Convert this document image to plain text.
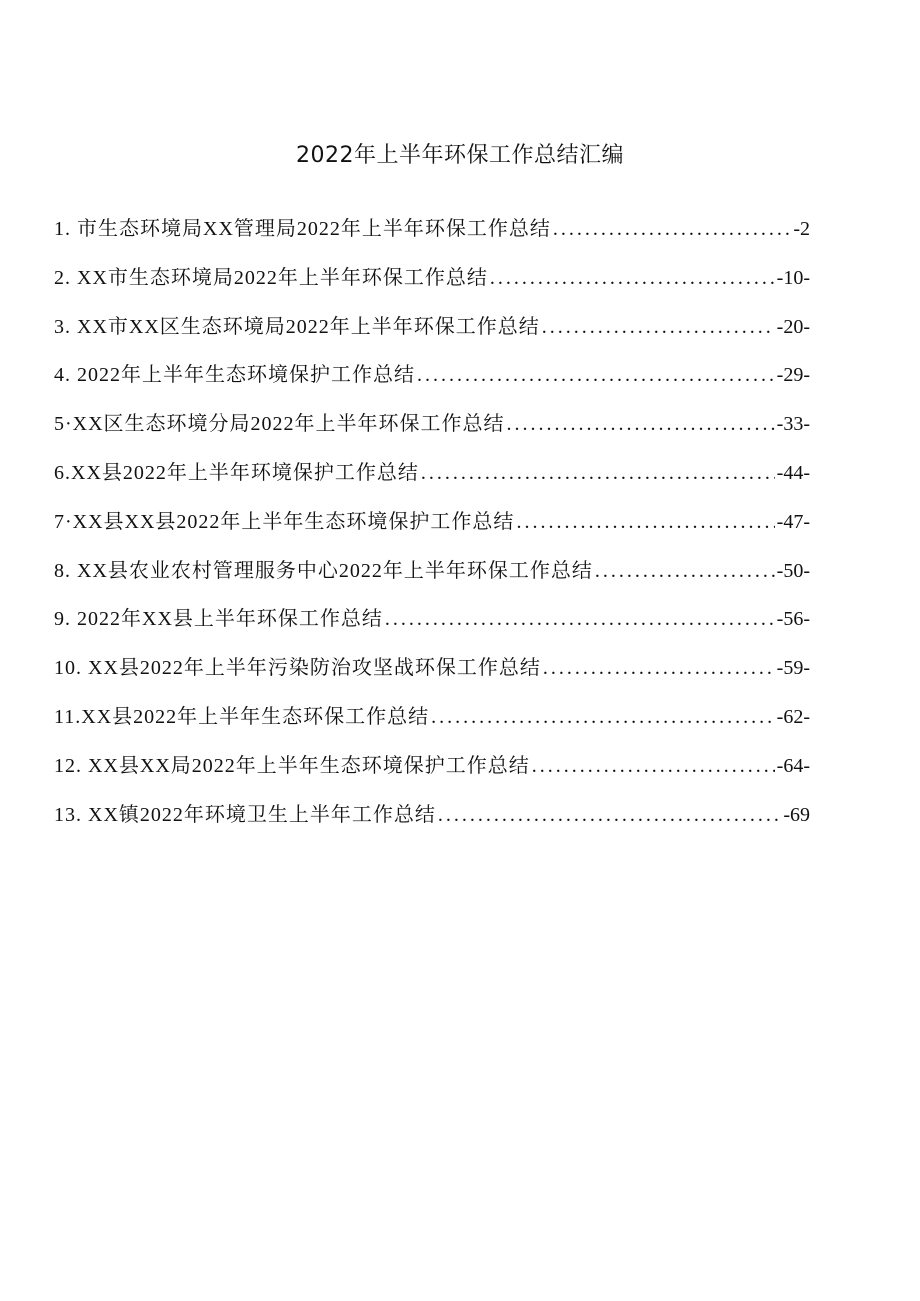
2022年上半年环保工作总结汇编
1. 市生态环境局XX管理局2022年上半年环保工作总结 . . .	-2
2. XX市生态环境局2022年上半年环保工作总结 . . .	-10-
3. XX市XX区生态环境局2022年上半年环保工作总结 . . .	-20-
4. 2022年上半年生态环境保护工作总结 . . .	-29-
5·XX区生态环境分局2022年上半年环保工作总结 . . .	-33-
6.XX县2022年上半年环境保护工作总结 . . .	-44-
7·XX县XX县2022年上半年生态环境保护工作总结 . . .	-47-
8. XX县农业农村管理服务中心2022年上半年环保工作总结 . . .	-50-
9. 2022年XX县上半年环保工作总结 . . .	-56-
10. XX县2022年上半年污染防治攻坚战环保工作总结 . . .	-59-
11.XX县2022年上半年生态环保工作总结 . . .	-62-
12. XX县XX局2022年上半年生态环境保护工作总结 . . .	-64-
13. XX镇2022年环境卫生上半年工作总结 . . .	-69
